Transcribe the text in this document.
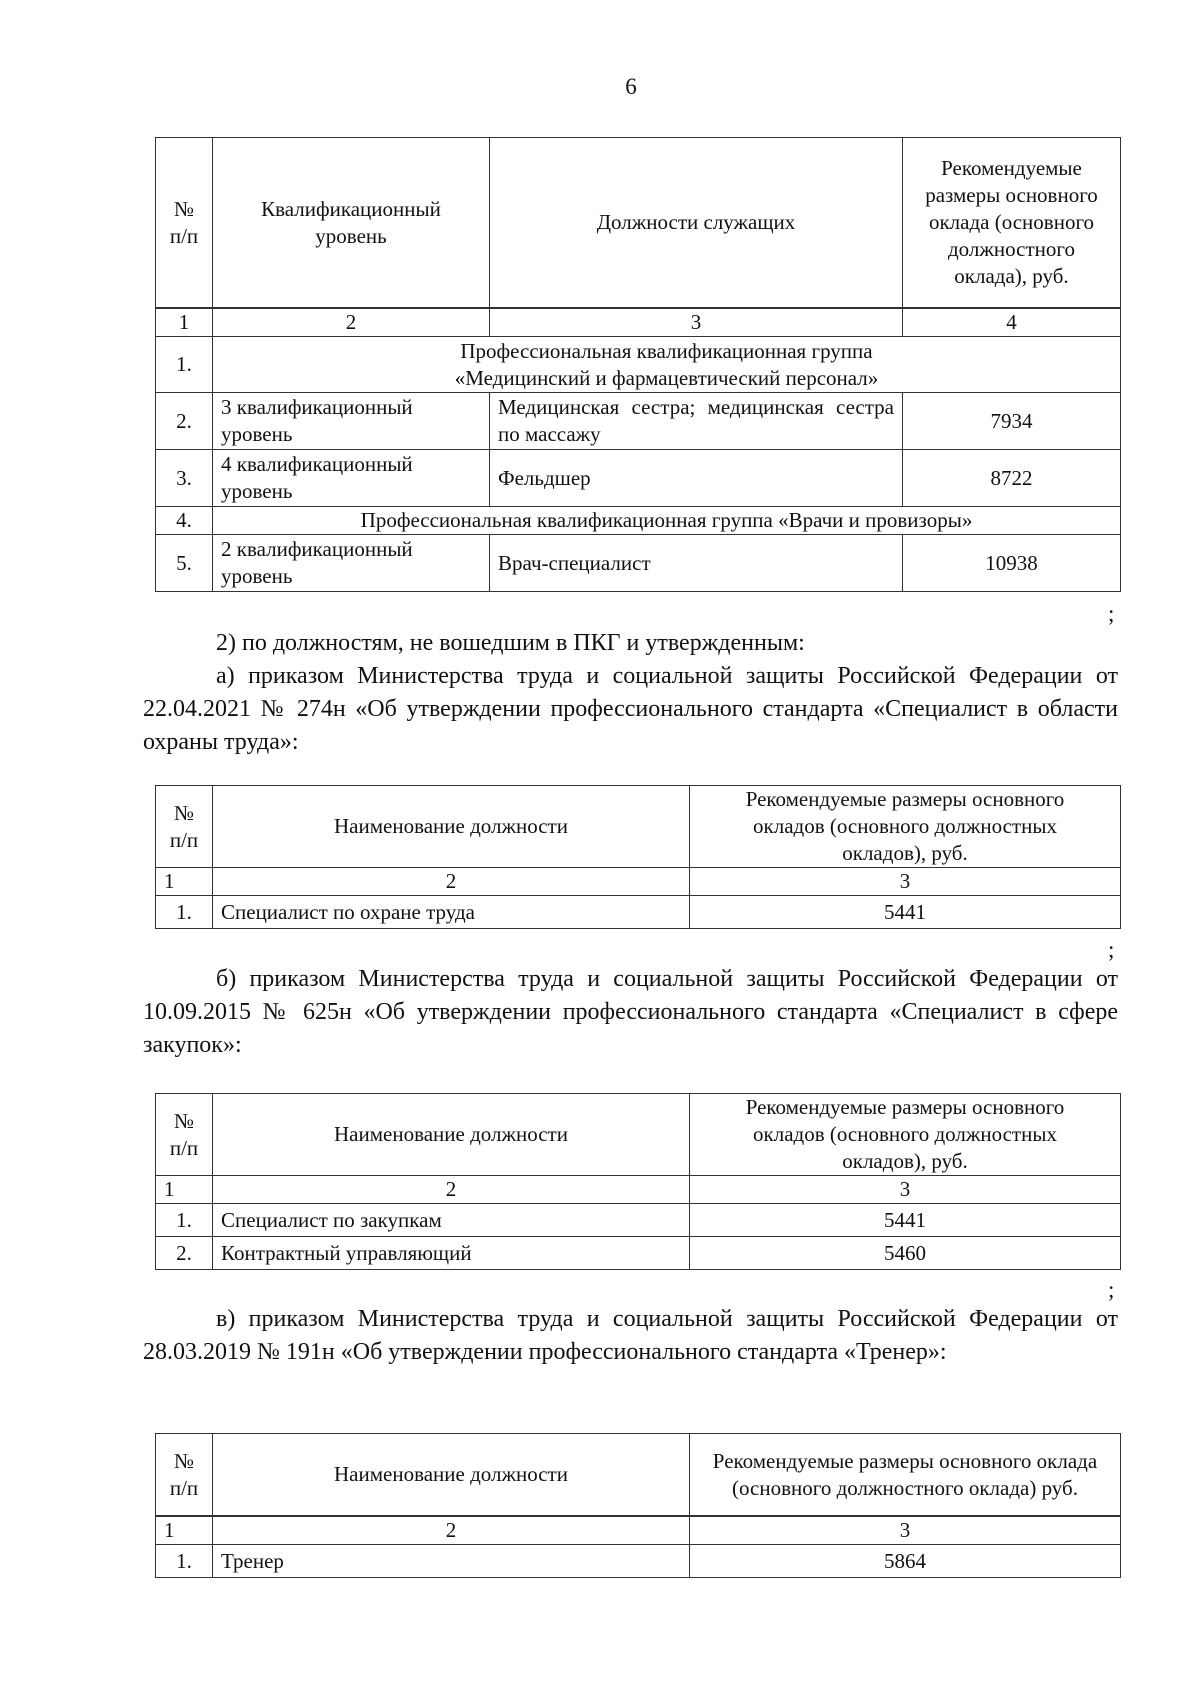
6
№ п/п	Квалификационный уровень	Должности служащих	Рекомендуемые размеры основного оклада (основного должностного оклада), руб.

1	2	3	4
1.	Профессиональная квалификационная группа
«Медицинский и фармацевтический персонал»		

2.	3 квалификационный уровень	Медицинская сестра; медицинская сестра по массажу	7934
3.	4 квалификационный уровень	Фельдшер	8722
4.	Профессиональная квалификационная группа «Врачи и провизоры»		
5.	2 квалификационный уровень	Врач-специалист	10938
;

2) по должностям, не вошедшим в ПКГ и утвержденным:

а) приказом Министерства труда и социальной защиты Российской Федерации от 22.04.2021 № 274н «Об утверждении профессионального стандарта «Специалист в области охраны труда»:

№ п/п	Наименование должности	Рекомендуемые размеры основного окладов (основного должностных окладов), руб.
1	2	3
1.	Специалист по охране труда	5441
;

б) приказом Министерства труда и социальной защиты Российской Федерации от 10.09.2015 № 625н «Об утверждении профессионального стандарта «Специалист в сфере закупок»:

№ п/п	Наименование должности	Рекомендуемые размеры основного окладов (основного должностных окладов), руб.
1	2	3
1.	Специалист по закупкам	5441
2.	Контрактный управляющий	5460
;

в) приказом Министерства труда и социальной защиты Российской Федерации от 28.03.2019 № 191н «Об утверждении профессионального стандарта «Тренер»:

№ п/п	Наименование должности	Рекомендуемые размеры основного оклада (основного должностного оклада) руб.

1	2	3
1.	Тренер	5864
